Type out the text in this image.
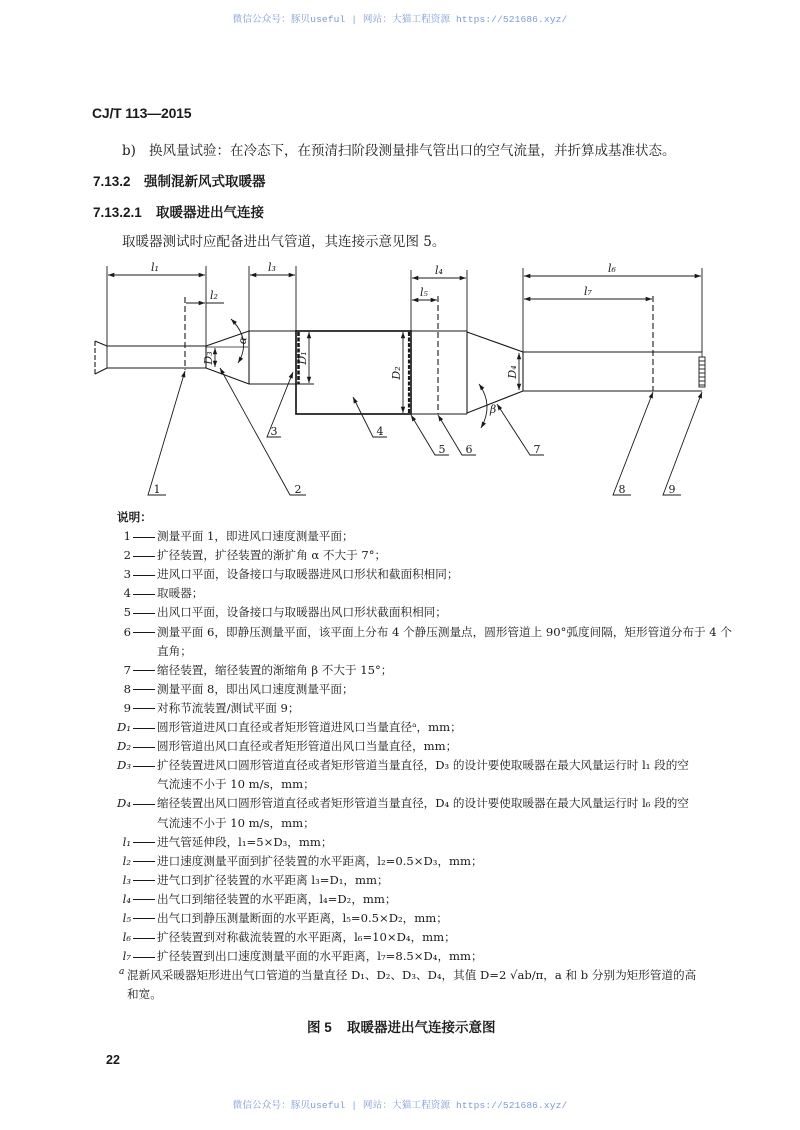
微信公众号：豚贝useful | 网站：大猫工程资源 https://521686.xyz/
CJ/T 113—2015
b) 换风量试验：在冷态下，在预清扫阶段测量排气管出口的空气流量，并折算成基准状态。
7.13.2 强制混新风式取暖器
7.13.2.1 取暖器进出气连接
取暖器测试时应配备进出气管道，其连接示意见图 5。
l₁
l₂
l₃	l₄
l₅
l₆
l₇
D₃	D₁
D₂	D₄
α
β
1	2
3	4
5 6	7
8	9
说明：
1 测量平面 1，即进风口速度测量平面；
2 扩径装置，扩径装置的渐扩角 α 不大于 7°；
3 进风口平面，设备接口与取暖器进风口形状和截面积相同；
4 取暖器；
5 出风口平面，设备接口与取暖器出风口形状截面积相同；
6 测量平面 6，即静压测量平面，该平面上分布 4 个静压测量点，圆形管道上 90°弧度间隔，矩形管道分布于 4 个
直角；
7 缩径装置，缩径装置的渐缩角 β 不大于 15°；
8 测量平面 8，即出风口速度测量平面；
9 对称节流装置/测试平面 9；
D₁ 圆形管道进风口直径或者矩形管道进风口当量直径ᵃ，mm；
D₂ 圆形管道出风口直径或者矩形管道出风口当量直径，mm；
D₃ 扩径装置进风口圆形管道直径或者矩形管道当量直径，D₃ 的设计要使取暖器在最大风量运行时 l₁ 段的空
气流速不小于 10 m/s，mm；
D₄ 缩径装置出风口圆形管道直径或者矩形管道当量直径，D₄ 的设计要使取暖器在最大风量运行时 l₆ 段的空
气流速不小于 10 m/s，mm；
l₁ 进气管延伸段，l₁=5×D₃，mm；
l₂ 进口速度测量平面到扩径装置的水平距离，l₂=0.5×D₃，mm；
l₃ 进气口到扩径装置的水平距离 l₃=D₁，mm；
l₄ 出气口到缩径装置的水平距离，l₄=D₂，mm；
l₅ 出气口到静压测量断面的水平距离，l₅=0.5×D₂，mm；
l₆ 扩径装置到对称截流装置的水平距离，l₆=10×D₄，mm；
l₇ 扩径装置到出口速度测量平面的水平距离，l₇=8.5×D₄，mm；
a 混新风采暖器矩形进出气口管道的当量直径 D₁、D₂、D₃、D₄，其值 D=2 √ab/π，a 和 b 分别为矩形管道的高
和宽。
图 5 取暖器进出气连接示意图
22
微信公众号：豚贝useful | 网站：大猫工程资源 https://521686.xyz/
